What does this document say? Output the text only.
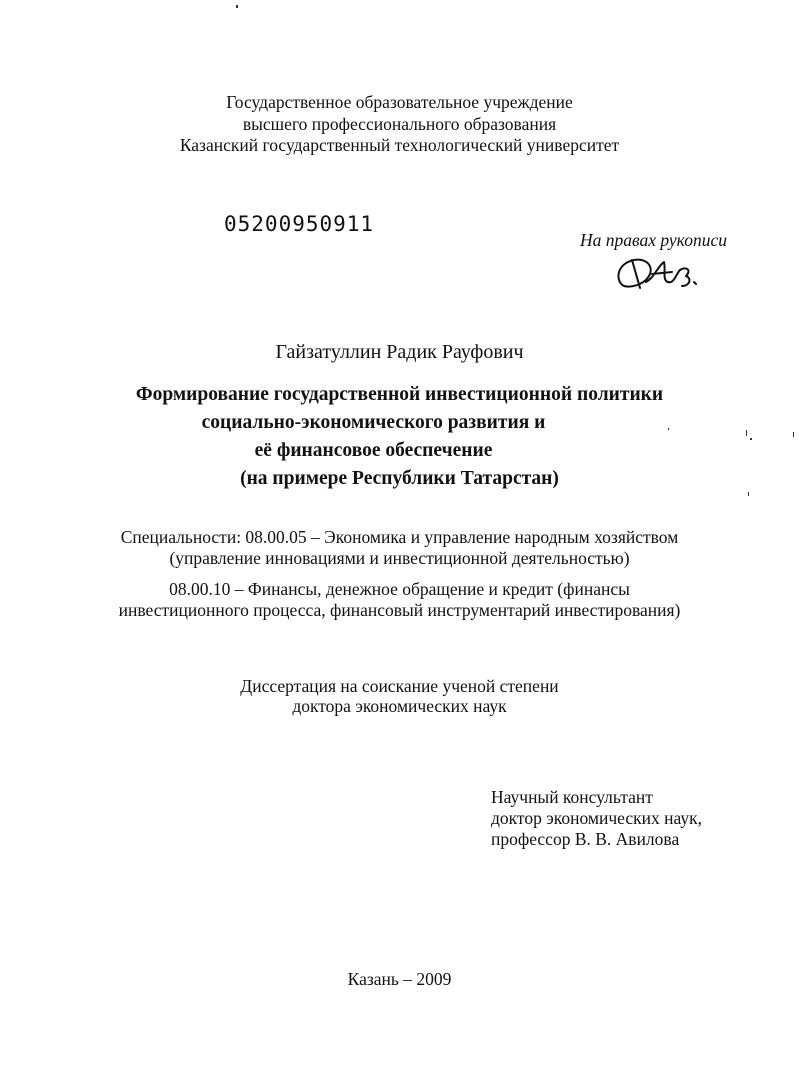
Государственное образовательное учреждение
высшего профессионального образования
Казанский государственный технологический университет
05200950911
На правах рукописи
Гайзатуллин Радик Рауфович
Формирование государственной инвестиционной политики
социально-экономического развития и
её финансовое обеспечение
(на примере Республики Татарстан)
Специальности: 08.00.05 – Экономика и управление народным хозяйством
(управление инновациями и инвестиционной деятельностью)
08.00.10 – Финансы, денежное обращение и кредит (финансы
инвестиционного процесса, финансовый инструментарий инвестирования)
Диссертация на соискание ученой степени
доктора экономических наук
Научный консультант
доктор экономических наук,
профессор В. В. Авилова
Казань – 2009
